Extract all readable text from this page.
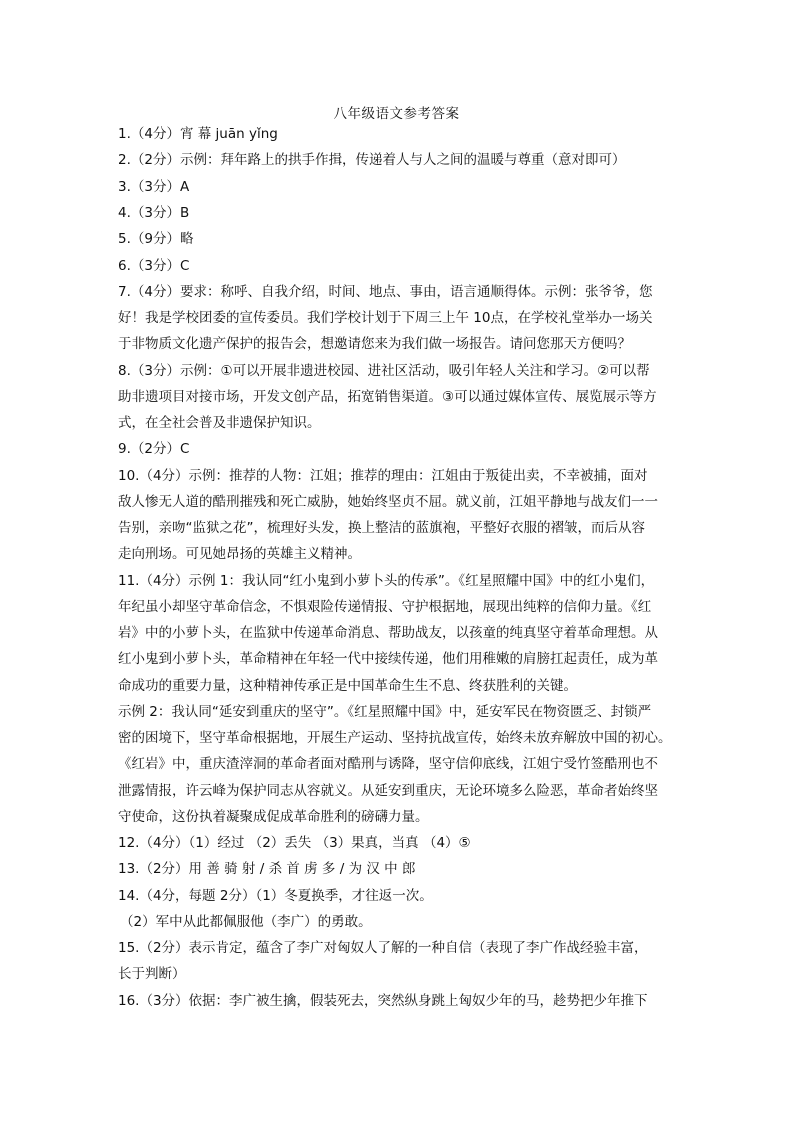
八年级语文参考答案
1.（4分）宵 幕 juān yǐng
2.（2分）示例：拜年路上的拱手作揖，传递着人与人之间的温暖与尊重（意对即可）
3.（3分）A
4.（3分）B
5.（9分）略
6.（3分）C
7.（4分）要求：称呼、自我介绍，时间、地点、事由，语言通顺得体。示例：张爷爷，您
好！我是学校团委的宣传委员。我们学校计划于下周三上午 10点，在学校礼堂举办一场关
于非物质文化遗产保护的报告会，想邀请您来为我们做一场报告。请问您那天方便吗？
8.（3分）示例：①可以开展非遗进校园、进社区活动，吸引年轻人关注和学习。②可以帮
助非遗项目对接市场，开发文创产品，拓宽销售渠道。③可以通过媒体宣传、展览展示等方
式，在全社会普及非遗保护知识。
9.（2分）C
10.（4分）示例：推荐的人物：江姐；推荐的理由：江姐由于叛徒出卖，不幸被捕，面对
敌人惨无人道的酷刑摧残和死亡威胁，她始终坚贞不屈。就义前，江姐平静地与战友们一一
告别，亲吻“监狱之花”，梳理好头发，换上整洁的蓝旗袍，平整好衣服的褶皱，而后从容
走向刑场。可见她昂扬的英雄主义精神。
11.（4分）示例 1：我认同“红小鬼到小萝卜头的传承”。《红星照耀中国》中的红小鬼们，
年纪虽小却坚守革命信念，不惧艰险传递情报、守护根据地，展现出纯粹的信仰力量。《红
岩》中的小萝卜头，在监狱中传递革命消息、帮助战友，以孩童的纯真坚守着革命理想。从
红小鬼到小萝卜头，革命精神在年轻一代中接续传递，他们用稚嫩的肩膀扛起责任，成为革
命成功的重要力量，这种精神传承正是中国革命生生不息、终获胜利的关键。
示例 2：我认同“延安到重庆的坚守”。《红星照耀中国》中，延安军民在物资匮乏、封锁严
密的困境下，坚守革命根据地，开展生产运动、坚持抗战宣传，始终未放弃解放中国的初心。
《红岩》中，重庆渣滓洞的革命者面对酷刑与诱降，坚守信仰底线，江姐宁受竹签酷刑也不
泄露情报，许云峰为保护同志从容就义。从延安到重庆，无论环境多么险恶，革命者始终坚
守使命，这份执着凝聚成促成革命胜利的磅礴力量。
12.（4分）（1）经过 （2）丢失 （3）果真，当真 （4）⑤
13.（2分）用 善 骑 射 / 杀 首 虏 多 / 为 汉 中 郎
14.（4分，每题 2分）（1）冬夏换季，才往返一次。
（2）军中从此都佩服他（李广）的勇敢。
15.（2分）表示肯定，蕴含了李广对匈奴人了解的一种自信（表现了李广作战经验丰富，
长于判断）
16.（3分）依据：李广被生擒，假装死去，突然纵身跳上匈奴少年的马，趁势把少年推下
